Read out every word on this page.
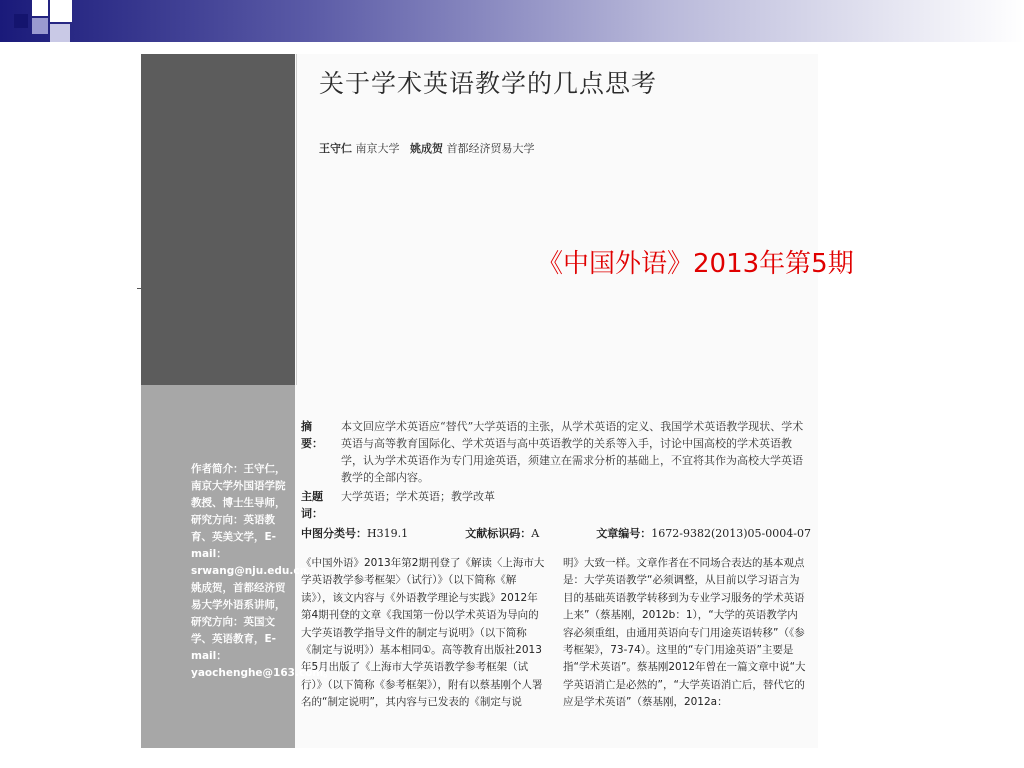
关于学术英语教学的几点思考
王守仁 南京大学 姚成贺 首都经济贸易大学
作者简介：王守仁，南京大学外国语学院教授、博士生导师，研究方向：英语教育、英美文学，E-mail：srwang@nju.edu.cn。姚成贺，首都经济贸易大学外语系讲师，研究方向：英国文学、英语教育，E-mail：yaochenghe@163.com。
摘　要：
本文回应学术英语应“替代”大学英语的主张，从学术英语的定义、我国学术英语教学现状、学术英语与高等教育国际化、学术英语与高中英语教学的关系等入手，讨论中国高校的学术英语教学，认为学术英语作为专门用途英语，须建立在需求分析的基础上，不宜将其作为高校大学英语教学的全部内容。
主题词：
大学英语；学术英语；教学改革
中图分类号：H319.1	文献标识码：A	文章编号：1672-9382(2013)05-0004-07
《中国外语》2013年第2期刊登了《解读〈上海市大学英语教学参考框架〉（试行）》（以下简称《解读》），该文内容与《外语教学理论与实践》2012年第4期刊登的文章《我国第一份以学术英语为导向的大学英语教学指导文件的制定与说明》（以下简称《制定与说明》）基本相同①。高等教育出版社2013年5月出版了《上海市大学英语教学参考框架（试行）》（以下简称《参考框架》），附有以蔡基刚个人署名的“制定说明”，其内容与已发表的《制定与说
明》大致一样。文章作者在不同场合表达的基本观点是：大学英语教学“必须调整，从目前以学习语言为目的基础英语教学转移到为专业学习服务的学术英语上来”（蔡基刚，2012b：1），“大学的英语教学内容必须重组，由通用英语向专门用途英语转移”（《参考框架》，73-74）。这里的“专门用途英语”主要是指“学术英语”。蔡基刚2012年曾在一篇文章中说“大学英语消亡是必然的”，“大学英语消亡后，替代它的应是学术英语”（蔡基刚，2012a：
《中国外语》2013年第5期
